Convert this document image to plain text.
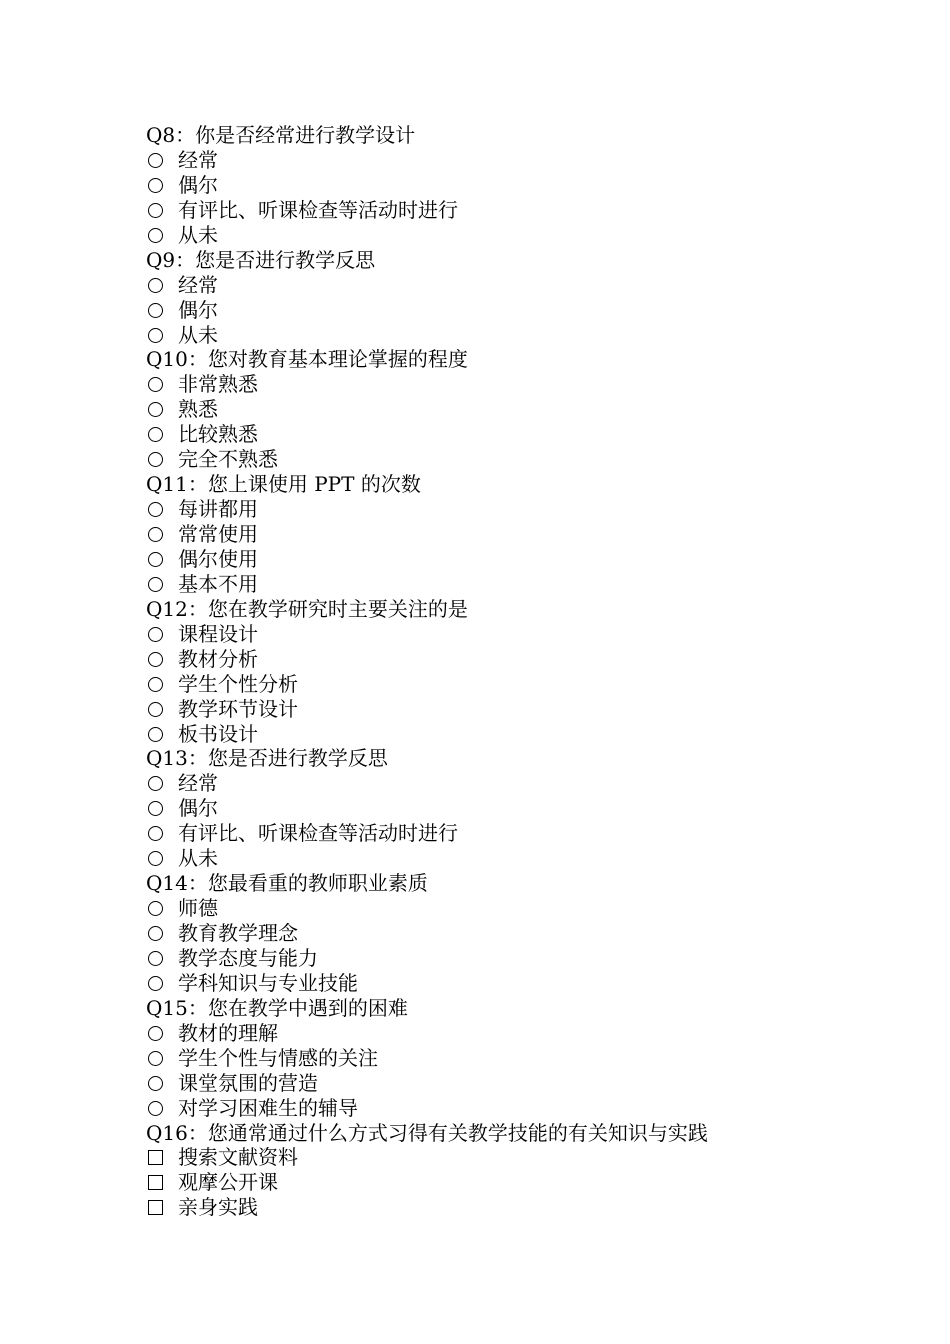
Q8：你是否经常进行教学设计
经常
偶尔
有评比、听课检查等活动时进行
从未
Q9：您是否进行教学反思
经常
偶尔
从未
Q10：您对教育基本理论掌握的程度
非常熟悉
熟悉
比较熟悉
完全不熟悉
Q11：您上课使用 PPT 的次数
每讲都用
常常使用
偶尔使用
基本不用
Q12：您在教学研究时主要关注的是
课程设计
教材分析
学生个性分析
教学环节设计
板书设计
Q13：您是否进行教学反思
经常
偶尔
有评比、听课检查等活动时进行
从未
Q14：您最看重的教师职业素质
师德
教育教学理念
教学态度与能力
学科知识与专业技能
Q15：您在教学中遇到的困难
教材的理解
学生个性与情感的关注
课堂氛围的营造
对学习困难生的辅导
Q16：您通常通过什么方式习得有关教学技能的有关知识与实践
搜索文献资料
观摩公开课
亲身实践
